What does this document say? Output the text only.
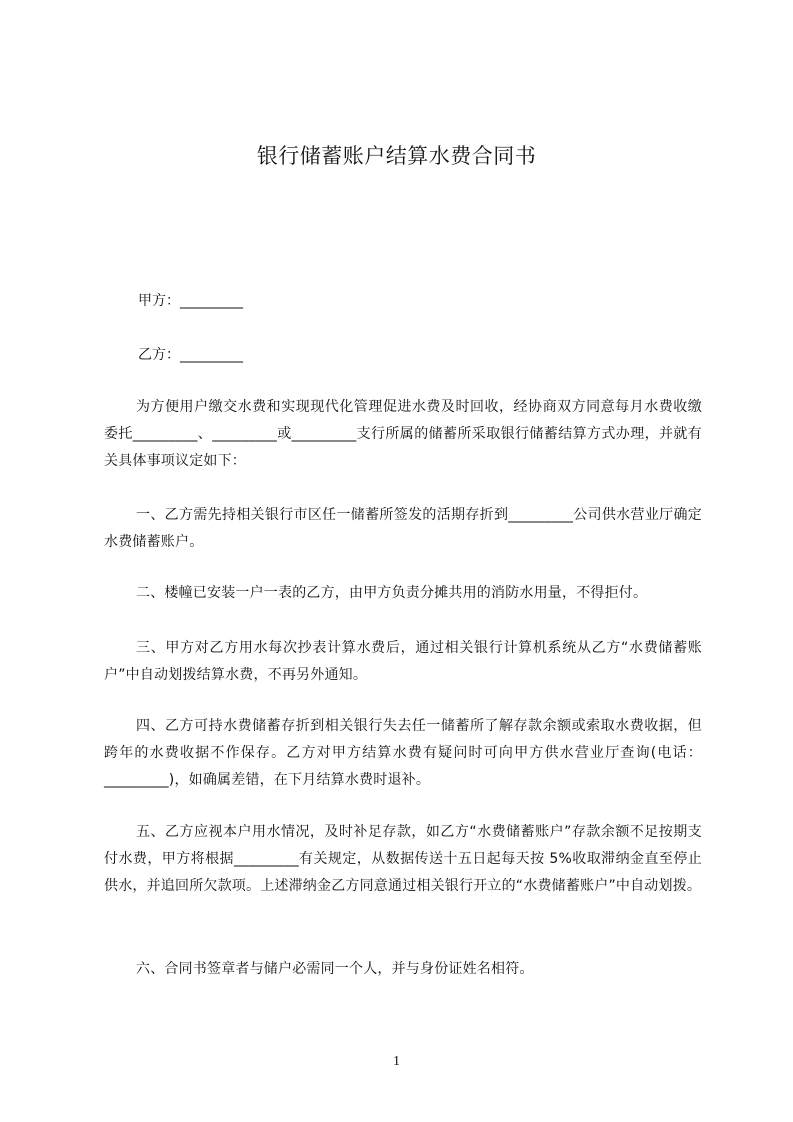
银行储蓄账户结算水费合同书

甲方：_________

乙方：_________

为方便用户缴交水费和实现现代化管理促进水费及时回收，经协商双方同意每月水费收缴委托_________、_________或_________支行所属的储蓄所采取银行储蓄结算方式办理，并就有关具体事项议定如下：

一、乙方需先持相关银行市区任一储蓄所签发的活期存折到_________公司供水营业厅确定水费储蓄账户。

二、楼幢已安装一户一表的乙方，由甲方负责分摊共用的消防水用量，不得拒付。

三、甲方对乙方用水每次抄表计算水费后，通过相关银行计算机系统从乙方“水费储蓄账户”中自动划拨结算水费，不再另外通知。

四、乙方可持水费储蓄存折到相关银行失去任一储蓄所了解存款余额或索取水费收据，但跨年的水费收据不作保存。乙方对甲方结算水费有疑问时可向甲方供水营业厅查询(电话：_________)，如确属差错，在下月结算水费时退补。

五、乙方应视本户用水情况，及时补足存款，如乙方“水费储蓄账户”存款余额不足按期支付水费，甲方将根据_________有关规定，从数据传送十五日起每天按 5%收取滞纳金直至停止供水，并追回所欠款项。上述滞纳金乙方同意通过相关银行开立的“水费储蓄账户”中自动划拨。

六、合同书签章者与储户必需同一个人，并与身份证姓名相符。

1
